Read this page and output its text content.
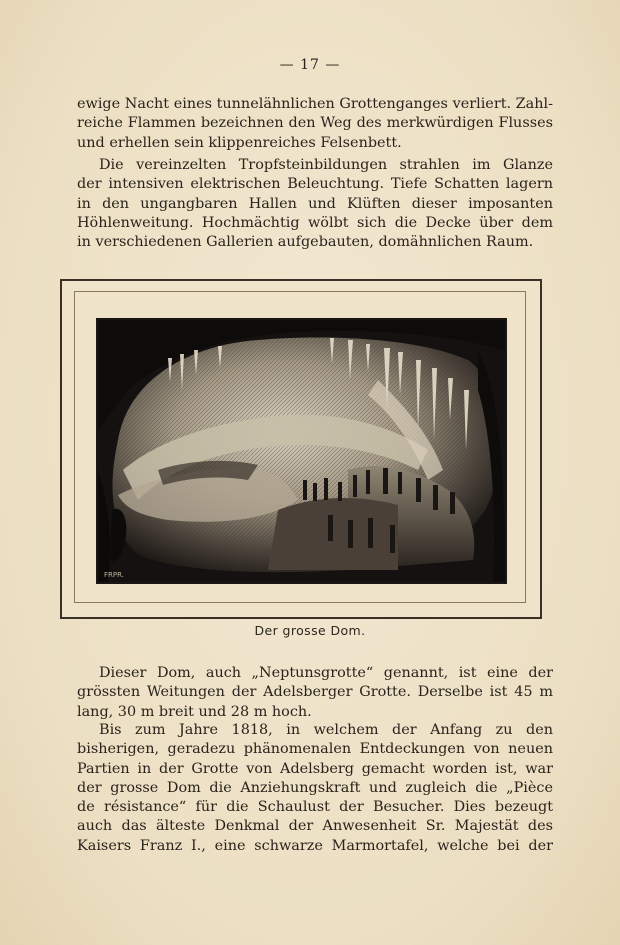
— 17 —

ewige Nacht eines tunnelähnlichen Grottenganges verliert. Zahl-
reiche Flammen bezeichnen den Weg des merkwürdigen Flusses
und erhellen sein klippenreiches Felsenbett.

Die vereinzelten Tropfsteinbildungen strahlen im Glanze
der intensiven elektrischen Beleuchtung. Tiefe Schatten lagern
in den ungangbaren Hallen und Klüften dieser imposanten
Höhlenweitung. Hochmächtig wölbt sich die Decke über dem
in verschiedenen Gallerien aufgebauten, domähnlichen Raum.

FRPR.
Der grosse Dom.

Dieser Dom, auch „Neptunsgrotte“ genannt, ist eine der
grössten Weitungen der Adelsberger Grotte. Derselbe ist 45 m
lang, 30 m breit und 28 m hoch.

Bis zum Jahre 1818, in welchem der Anfang zu den
bisherigen, geradezu phänomenalen Entdeckungen von neuen
Partien in der Grotte von Adelsberg gemacht worden ist, war
der grosse Dom die Anziehungskraft und zugleich die „Pièce
de résistance“ für die Schaulust der Besucher. Dies bezeugt
auch das älteste Denkmal der Anwesenheit Sr. Majestät des
Kaisers Franz I., eine schwarze Marmortafel, welche bei der
